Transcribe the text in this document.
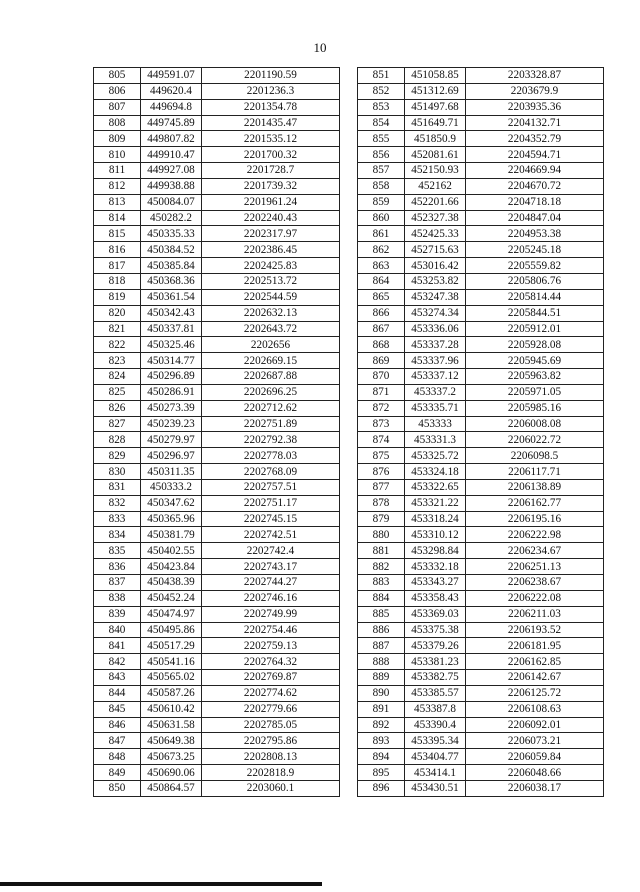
10
805	449591.07	2201190.59
806	449620.4	2201236.3
807	449694.8	2201354.78
808	449745.89	2201435.47
809	449807.82	2201535.12
810	449910.47	2201700.32
811	449927.08	2201728.7
812	449938.88	2201739.32
813	450084.07	2201961.24
814	450282.2	2202240.43
815	450335.33	2202317.97
816	450384.52	2202386.45
817	450385.84	2202425.83
818	450368.36	2202513.72
819	450361.54	2202544.59
820	450342.43	2202632.13
821	450337.81	2202643.72
822	450325.46	2202656
823	450314.77	2202669.15
824	450296.89	2202687.88
825	450286.91	2202696.25
826	450273.39	2202712.62
827	450239.23	2202751.89
828	450279.97	2202792.38
829	450296.97	2202778.03
830	450311.35	2202768.09
831	450333.2	2202757.51
832	450347.62	2202751.17
833	450365.96	2202745.15
834	450381.79	2202742.51
835	450402.55	2202742.4
836	450423.84	2202743.17
837	450438.39	2202744.27
838	450452.24	2202746.16
839	450474.97	2202749.99
840	450495.86	2202754.46
841	450517.29	2202759.13
842	450541.16	2202764.32
843	450565.02	2202769.87
844	450587.26	2202774.62
845	450610.42	2202779.66
846	450631.58	2202785.05
847	450649.38	2202795.86
848	450673.25	2202808.13
849	450690.06	2202818.9
850	450864.57	2203060.1
851	451058.85	2203328.87
852	451312.69	2203679.9
853	451497.68	2203935.36
854	451649.71	2204132.71
855	451850.9	2204352.79
856	452081.61	2204594.71
857	452150.93	2204669.94
858	452162	2204670.72
859	452201.66	2204718.18
860	452327.38	2204847.04
861	452425.33	2204953.38
862	452715.63	2205245.18
863	453016.42	2205559.82
864	453253.82	2205806.76
865	453247.38	2205814.44
866	453274.34	2205844.51
867	453336.06	2205912.01
868	453337.28	2205928.08
869	453337.96	2205945.69
870	453337.12	2205963.82
871	453337.2	2205971.05
872	453335.71	2205985.16
873	453333	2206008.08
874	453331.3	2206022.72
875	453325.72	2206098.5
876	453324.18	2206117.71
877	453322.65	2206138.89
878	453321.22	2206162.77
879	453318.24	2206195.16
880	453310.12	2206222.98
881	453298.84	2206234.67
882	453332.18	2206251.13
883	453343.27	2206238.67
884	453358.43	2206222.08
885	453369.03	2206211.03
886	453375.38	2206193.52
887	453379.26	2206181.95
888	453381.23	2206162.85
889	453382.75	2206142.67
890	453385.57	2206125.72
891	453387.8	2206108.63
892	453390.4	2206092.01
893	453395.34	2206073.21
894	453404.77	2206059.84
895	453414.1	2206048.66
896	453430.51	2206038.17
